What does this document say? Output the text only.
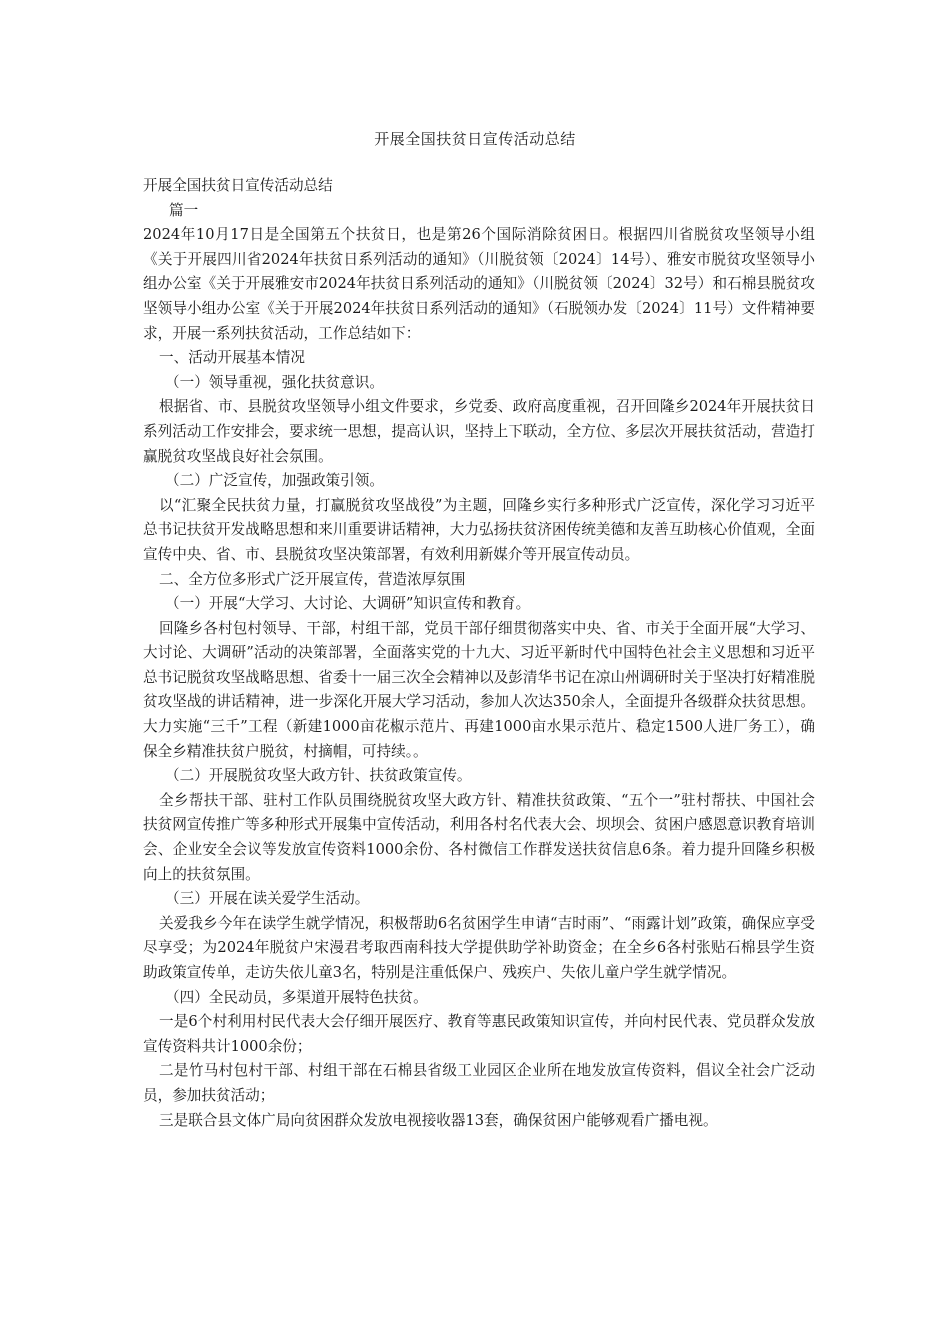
开展全国扶贫日宣传活动总结

开展全国扶贫日宣传活动总结

篇一

2024年10月17日是全国第五个扶贫日，也是第26个国际消除贫困日。根据四川省脱贫攻坚领导小组《关于开展四川省2024年扶贫日系列活动的通知》（川脱贫领〔2024〕14号）、雅安市脱贫攻坚领导小组办公室《关于开展雅安市2024年扶贫日系列活动的通知》（川脱贫领〔2024〕32号）和石棉县脱贫攻坚领导小组办公室《关于开展2024年扶贫日系列活动的通知》（石脱领办发〔2024〕11号）文件精神要求，开展一系列扶贫活动，工作总结如下：

一、活动开展基本情况

（一）领导重视，强化扶贫意识。

根据省、市、县脱贫攻坚领导小组文件要求，乡党委、政府高度重视，召开回隆乡2024年开展扶贫日系列活动工作安排会，要求统一思想，提高认识，坚持上下联动，全方位、多层次开展扶贫活动，营造打赢脱贫攻坚战良好社会氛围。

（二）广泛宣传，加强政策引领。

以“汇聚全民扶贫力量，打赢脱贫攻坚战役”为主题，回隆乡实行多种形式广泛宣传，深化学习习近平总书记扶贫开发战略思想和来川重要讲话精神，大力弘扬扶贫济困传统美德和友善互助核心价值观，全面宣传中央、省、市、县脱贫攻坚决策部署，有效利用新媒介等开展宣传动员。

二、全方位多形式广泛开展宣传，营造浓厚氛围

（一）开展“大学习、大讨论、大调研”知识宣传和教育。

回隆乡各村包村领导、干部，村组干部，党员干部仔细贯彻落实中央、省、市关于全面开展“大学习、大讨论、大调研”活动的决策部署，全面落实党的十九大、习近平新时代中国特色社会主义思想和习近平总书记脱贫攻坚战略思想、省委十一届三次全会精神以及彭清华书记在凉山州调研时关于坚决打好精准脱贫攻坚战的讲话精神，进一步深化开展大学习活动，参加人次达350余人，全面提升各级群众扶贫思想。大力实施“三千”工程（新建1000亩花椒示范片、再建1000亩水果示范片、稳定1500人进厂务工），确保全乡精准扶贫户脱贫，村摘帽，可持续。。

（二）开展脱贫攻坚大政方针、扶贫政策宣传。

全乡帮扶干部、驻村工作队员围绕脱贫攻坚大政方针、精准扶贫政策、“五个一”驻村帮扶、中国社会扶贫网宣传推广等多种形式开展集中宣传活动，利用各村名代表大会、坝坝会、贫困户感恩意识教育培训会、企业安全会议等发放宣传资料1000余份、各村微信工作群发送扶贫信息6条。着力提升回隆乡积极向上的扶贫氛围。

（三）开展在读关爱学生活动。

关爱我乡今年在读学生就学情况，积极帮助6名贫困学生申请“吉时雨”、“雨露计划”政策，确保应享受尽享受；为2024年脱贫户宋漫君考取西南科技大学提供助学补助资金；在全乡6各村张贴石棉县学生资助政策宣传单，走访失依儿童3名，特别是注重低保户、残疾户、失依儿童户学生就学情况。

（四）全民动员，多渠道开展特色扶贫。

一是6个村利用村民代表大会仔细开展医疗、教育等惠民政策知识宣传，并向村民代表、党员群众发放宣传资料共计1000余份；

二是竹马村包村干部、村组干部在石棉县省级工业园区企业所在地发放宣传资料，倡议全社会广泛动员，参加扶贫活动；

三是联合县文体广局向贫困群众发放电视接收器13套，确保贫困户能够观看广播电视。
